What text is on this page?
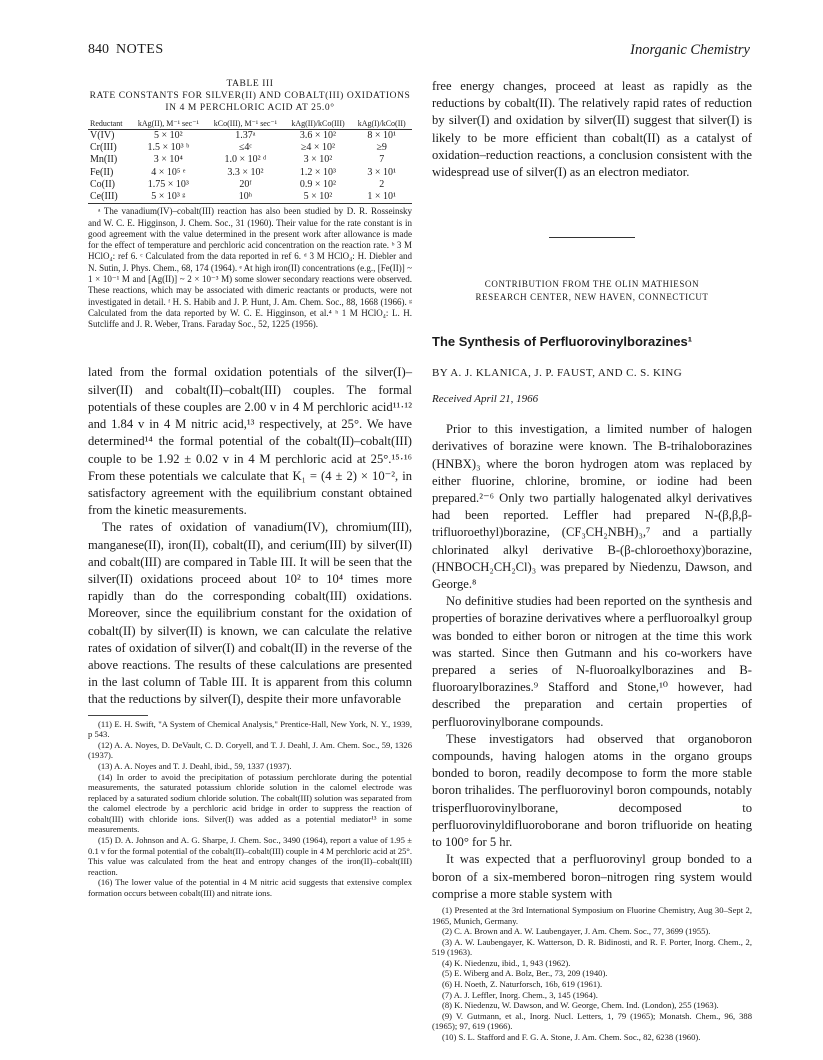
840 NOTES	Inorganic Chemistry
TABLE III
RATE CONSTANTS FOR SILVER(II) AND COBALT(III) OXIDATIONS
IN 4 M PERCHLORIC ACID AT 25.0°
Reductant	kAg(II), M⁻¹ sec⁻¹	kCo(III), M⁻¹ sec⁻¹	kAg(II)/kCo(III)	kAg(I)/kCo(II)
V(IV)	5 × 10²	1.37ᵃ	3.6 × 10²	8 × 10¹
Cr(III)	1.5 × 10³ ᵇ	≤4ᶜ	≥4 × 10²	≥9
Mn(II)	3 × 10⁴	1.0 × 10² ᵈ	3 × 10²	7
Fe(II)	4 × 10⁵ ᵉ	3.3 × 10²	1.2 × 10³	3 × 10¹
Co(II)	1.75 × 10³	20ᶠ	0.9 × 10²	2
Ce(III)	5 × 10³ ᵍ	10ʰ	5 × 10²	1 × 10¹
ᵃ The vanadium(IV)–cobalt(III) reaction has also been studied by D. R. Rosseinsky and W. C. E. Higginson, J. Chem. Soc., 31 (1960). Their value for the rate constant is in good agreement with the value determined in the present work after allowance is made for the effect of temperature and perchloric acid concentration on the reaction rate. ᵇ 3 M HClO₄: ref 6. ᶜ Calculated from the data reported in ref 6. ᵈ 3 M HClO₄: H. Diebler and N. Sutin, J. Phys. Chem., 68, 174 (1964). ᵉ At high iron(II) concentrations (e.g., [Fe(II)] ~ 1 × 10⁻¹ M and [Ag(II)] ~ 2 × 10⁻³ M) some slower secondary reactions were observed. These reactions, which may be associated with dimeric reactants or products, were not investigated in detail. ᶠ H. S. Habib and J. P. Hunt, J. Am. Chem. Soc., 88, 1668 (1966). ᵍ Calculated from the data reported by W. C. E. Higginson, et al.⁴ ʰ 1 M HClO₄: L. H. Sutcliffe and J. R. Weber, Trans. Faraday Soc., 52, 1225 (1956).

lated from the formal oxidation potentials of the silver(I)–silver(II) and cobalt(II)–cobalt(III) couples. The formal potentials of these couples are 2.00 v in 4 M perchloric acid¹¹·¹² and 1.84 v in 4 M nitric acid,¹³ respectively, at 25°. We have determined¹⁴ the formal potential of the cobalt(II)–cobalt(III) couple to be 1.92 ± 0.02 v in 4 M perchloric acid at 25°.¹⁵·¹⁶ From these potentials we calculate that K₁ = (4 ± 2) × 10⁻², in satisfactory agreement with the equilibrium constant obtained from the kinetic measurements.

The rates of oxidation of vanadium(IV), chromium(III), manganese(II), iron(II), cobalt(II), and cerium(III) by silver(II) and cobalt(III) are compared in Table III. It will be seen that the silver(II) oxidations proceed about 10² to 10⁴ times more rapidly than do the corresponding cobalt(III) oxidations. Moreover, since the equilibrium constant for the oxidation of cobalt(II) by silver(II) is known, we can calculate the relative rates of oxidation of silver(I) and cobalt(II) in the reverse of the above reactions. The results of these calculations are presented in the last column of Table III. It is apparent from this column that the reductions by silver(I), despite their more unfavorable

(11) E. H. Swift, "A System of Chemical Analysis," Prentice-Hall, New York, N. Y., 1939, p 543.

(12) A. A. Noyes, D. DeVault, C. D. Coryell, and T. J. Deahl, J. Am. Chem. Soc., 59, 1326 (1937).

(13) A. A. Noyes and T. J. Deahl, ibid., 59, 1337 (1937).

(14) In order to avoid the precipitation of potassium perchlorate during the potential measurements, the saturated potassium chloride solution in the calomel electrode was replaced by a saturated sodium chloride solution. The cobalt(III) solution was separated from the calomel electrode by a perchloric acid bridge in order to suppress the reaction of cobalt(III) with chloride ions. Silver(I) was added as a potential mediator¹³ in some measurements.

(15) D. A. Johnson and A. G. Sharpe, J. Chem. Soc., 3490 (1964), report a value of 1.95 ± 0.1 v for the formal potential of the cobalt(II)–cobalt(III) couple in 4 M perchloric acid at 25°. This value was calculated from the heat and entropy changes of the iron(II)–cobalt(III) reaction.

(16) The lower value of the potential in 4 M nitric acid suggests that extensive complex formation occurs between cobalt(III) and nitrate ions.

free energy changes, proceed at least as rapidly as the reductions by cobalt(II). The relatively rapid rates of reduction by silver(I) and oxidation by silver(II) suggest that silver(I) is likely to be more efficient than cobalt(II) as a catalyst of oxidation–reduction reactions, a conclusion consistent with the widespread use of silver(I) as an electron mediator.

CONTRIBUTION FROM THE OLIN MATHIESON
RESEARCH CENTER, NEW HAVEN, CONNECTICUT
The Synthesis of Perfluorovinylborazines¹
BY A. J. KLANICA, J. P. FAUST, AND C. S. KING
Received April 21, 1966

Prior to this investigation, a limited number of halogen derivatives of borazine were known. The B-trihaloborazines (HNBX)₃ where the boron hydrogen atom was replaced by either fluorine, chlorine, bromine, or iodine had been prepared.²⁻⁶ Only two partially halogenated alkyl derivatives had been reported. Leffler had prepared N-(β,β,β-trifluoroethyl)borazine, (CF₃CH₂NBH)₃,⁷ and a partially chlorinated alkyl derivative B-(β-chloroethoxy)borazine, (HNBOCH₂CH₂Cl)₃ was prepared by Niedenzu, Dawson, and George.⁸

No definitive studies had been reported on the synthesis and properties of borazine derivatives where a perfluoroalkyl group was bonded to either boron or nitrogen at the time this work was started. Since then Gutmann and his co-workers have prepared a series of N-fluoroalkylborazines and B-fluoroarylborazines.⁹ Stafford and Stone,¹⁰ however, had described the preparation and certain properties of perfluorovinylborane compounds.

These investigators had observed that organoboron compounds, having halogen atoms in the organo groups bonded to boron, readily decompose to form the more stable boron trihalides. The perfluorovinyl boron compounds, notably trisperfluorovinylborane, decomposed to perfluorovinyldifluoroborane and boron trifluoride on heating to 100° for 5 hr.

It was expected that a perfluorovinyl group bonded to a boron of a six-membered boron–nitrogen ring system would comprise a more stable system with

(1) Presented at the 3rd International Symposium on Fluorine Chemistry, Aug 30–Sept 2, 1965, Munich, Germany.

(2) C. A. Brown and A. W. Laubengayer, J. Am. Chem. Soc., 77, 3699 (1955).

(3) A. W. Laubengayer, K. Watterson, D. R. Bidinosti, and R. F. Porter, Inorg. Chem., 2, 519 (1963).

(4) K. Niedenzu, ibid., 1, 943 (1962).

(5) E. Wiberg and A. Bolz, Ber., 73, 209 (1940).

(6) H. Noeth, Z. Naturforsch, 16b, 619 (1961).

(7) A. J. Leffler, Inorg. Chem., 3, 145 (1964).

(8) K. Niedenzu, W. Dawson, and W. George, Chem. Ind. (London), 255 (1963).

(9) V. Gutmann, et al., Inorg. Nucl. Letters, 1, 79 (1965); Monatsh. Chem., 96, 388 (1965); 97, 619 (1966).

(10) S. L. Stafford and F. G. A. Stone, J. Am. Chem. Soc., 82, 6238 (1960).
